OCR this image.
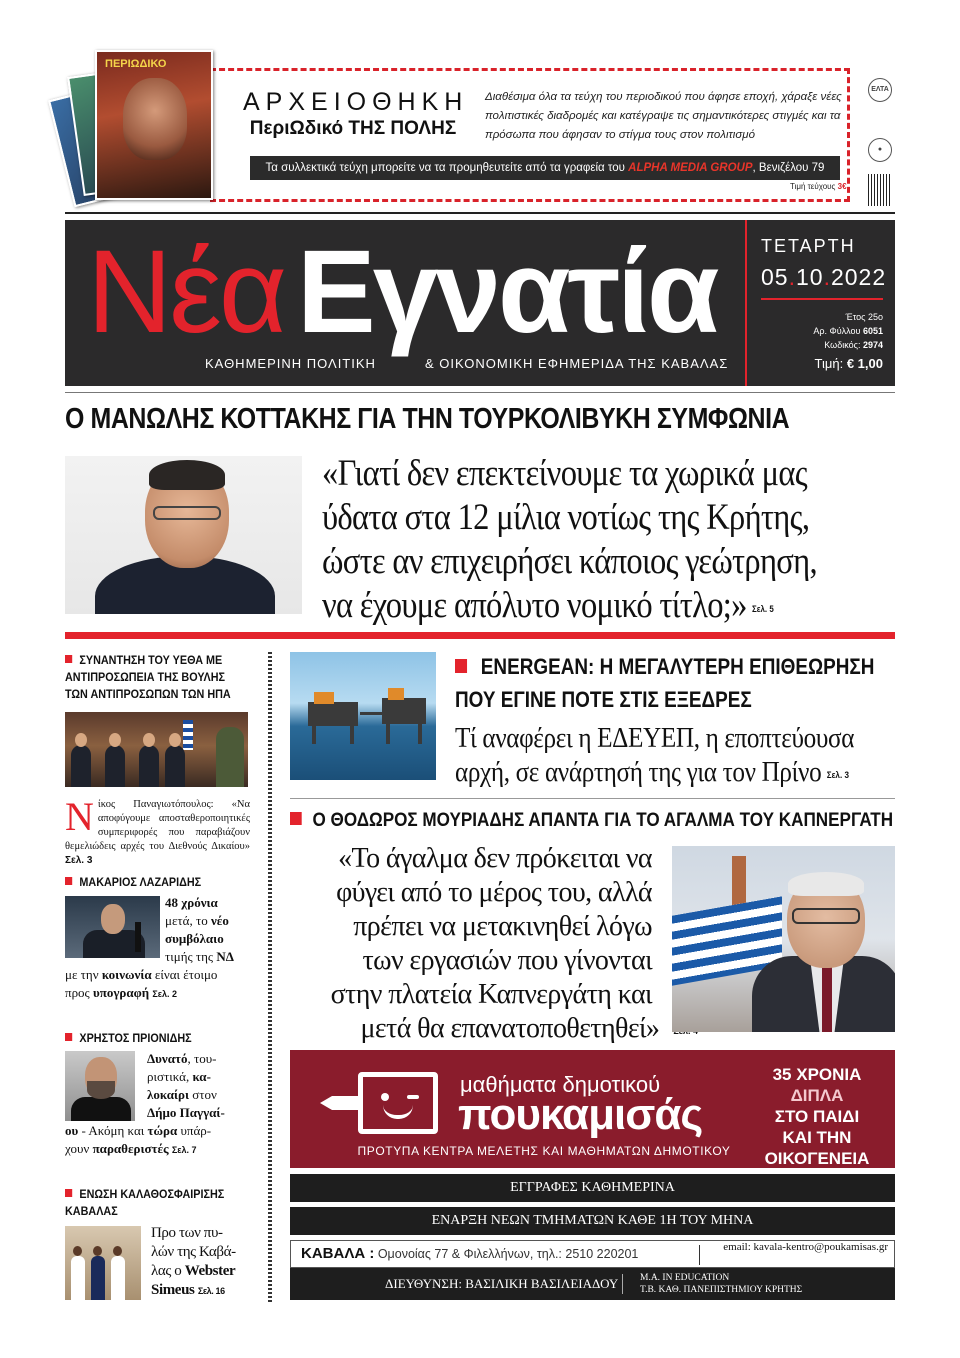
ΠΕΡΙΩΔΙΚΟ
ΑΡΧΕΙΟΘΗΚΗ
ΠεριΩδικό ΤΗΣ ΠΟΛΗΣ
Διαθέσιμα όλα τα τεύχη του περιοδικού που άφησε εποχή, χάραξε νέες πολιτιστικές διαδρομές και κατέγραψε τις σημαντικότερες στιγμές και τα πρόσωπα που άφησαν το στίγμα τους στον πολιτισμό
Τα συλλεκτικά τεύχη μπορείτε να τα προμηθευτείτε από τα γραφεία του ALPHA MEDIA GROUP, Βενιζέλου 79
Τιμή τεύχους 3€
ΕΛΤΑ
●
Νέα Εγνατία
ΚΑΘΗΜΕΡΙΝΗ ΠΟΛΙΤΙΚΗ	& ΟΙΚΟΝΟΜΙΚΗ ΕΦΗΜΕΡΙΔΑ ΤΗΣ ΚΑΒΑΛΑΣ
ΤΕΤΑΡΤΗ
05.10.2022
Έτος 25ο
Αρ. Φύλλου 6051
Κωδικός: 2974
Τιμή: € 1,00
Ο ΜΑΝΩΛΗΣ ΚΟΤΤΑΚΗΣ ΓΙΑ ΤΗΝ ΤΟΥΡΚΟΛΙΒΥΚΗ ΣΥΜΦΩΝΙΑ
«Γιατί δεν επεκτείνουμε τα χωρικά μας
ύδατα στα 12 μίλια νοτίως της Κρήτης,
ώστε αν επιχειρήσει κάποιος γεώτρηση,
να έχουμε απόλυτο νομικό τίτλο;» Σελ. 5
ΣΥΝΑΝΤΗΣΗ ΤΟΥ ΥΕΘΑ ΜΕ ΑΝΤΙΠΡΟΣΩΠΕΙΑ ΤΗΣ ΒΟΥΛΗΣ ΤΩΝ ΑΝΤΙΠΡΟΣΩΠΩΝ ΤΩΝ ΗΠΑ
Νίκος Παναγιωτόπουλος: «Να αποφύγουμε αποσταθεροποιητικές συμπεριφορές που παραβιάζουν θεμελιώδεις αρχές του Διεθνούς Δικαίου» Σελ. 3
ΜΑΚΑΡΙΟΣ ΛΑΖΑΡΙΔΗΣ
48 χρόνια
μετά, το νέο
συμβόλαιο
τιμής της ΝΔ
με την κοινωνία είναι έτοιμο
προς υπογραφή Σελ. 2
ΧΡΗΣΤΟΣ ΠΡΙΟΝΙΔΗΣ
Δυνατό, του-
ριστικά, κα-
λοκαίρι στον
Δήμο Παγγαί-
ου - Ακόμη και τώρα υπάρ-
χουν παραθεριστές Σελ. 7
ΕΝΩΣΗ ΚΑΛΑΘΟΣΦΑΙΡΙΣΗΣ ΚΑΒΑΛΑΣ
Προ των πυ-
λών της Καβά-
λας ο Webster
Simeus Σελ. 16
ENERGEAN: Η ΜΕΓΑΛΥΤΕΡΗ ΕΠΙΘΕΩΡΗΣΗ
ΠΟΥ ΕΓΙΝΕ ΠΟΤΕ ΣΤΙΣ ΕΞΕΔΡΕΣ
Τί αναφέρει η ΕΔΕΥΕΠ, η εποπτεύουσα
αρχή, σε ανάρτησή της για τον Πρίνο Σελ. 3
Ο ΘΟΔΩΡΟΣ ΜΟΥΡΙΑΔΗΣ ΑΠΑΝΤΑ ΓΙΑ ΤΟ ΑΓΑΛΜΑ ΤΟΥ ΚΑΠΝΕΡΓΑΤΗ
«Το άγαλμα δεν πρόκειται να
φύγει από το μέρος του, αλλά
πρέπει να μετακινηθεί λόγω
των εργασιών που γίνονται
στην πλατεία Καπνεργάτη και
μετά θα επανατοποθετηθεί»
μαθήματα δημοτικού
πουκαμισάς
ΠΡΟΤΥΠΑ ΚΕΝΤΡΑ ΜΕΛΕΤΗΣ ΚΑΙ ΜΑΘΗΜΑΤΩΝ ΔΗΜΟΤΙΚΟΥ
35 ΧΡΟΝΙΑ
ΔΙΠΛΑ
ΣΤΟ ΠΑΙΔΙ
ΚΑΙ ΤΗΝ
ΟΙΚΟΓΕΝΕΙΑ
ΕΓΓΡΑΦΕΣ ΚΑΘΗΜΕΡΙΝΑ
ΕΝΑΡΞΗ ΝΕΩΝ ΤΜΗΜΑΤΩΝ ΚΑΘΕ 1Η ΤΟΥ ΜΗΝΑ
ΚΑΒΑΛΑ : Ομονοίας 77 & Φιλελλήνων, τηλ.: 2510 220201	email: kavala-kentro@poukamisas.gr
ΔΙΕΥΘΥΝΣΗ: ΒΑΣΙΛΙΚΗ ΒΑΣΙΛΕΙΑΔΟΥ M.A. IN EDUCATION
Τ.Β. ΚΑΘ. ΠΑΝΕΠΙΣΤΗΜΙΟΥ ΚΡΗΤΗΣ
